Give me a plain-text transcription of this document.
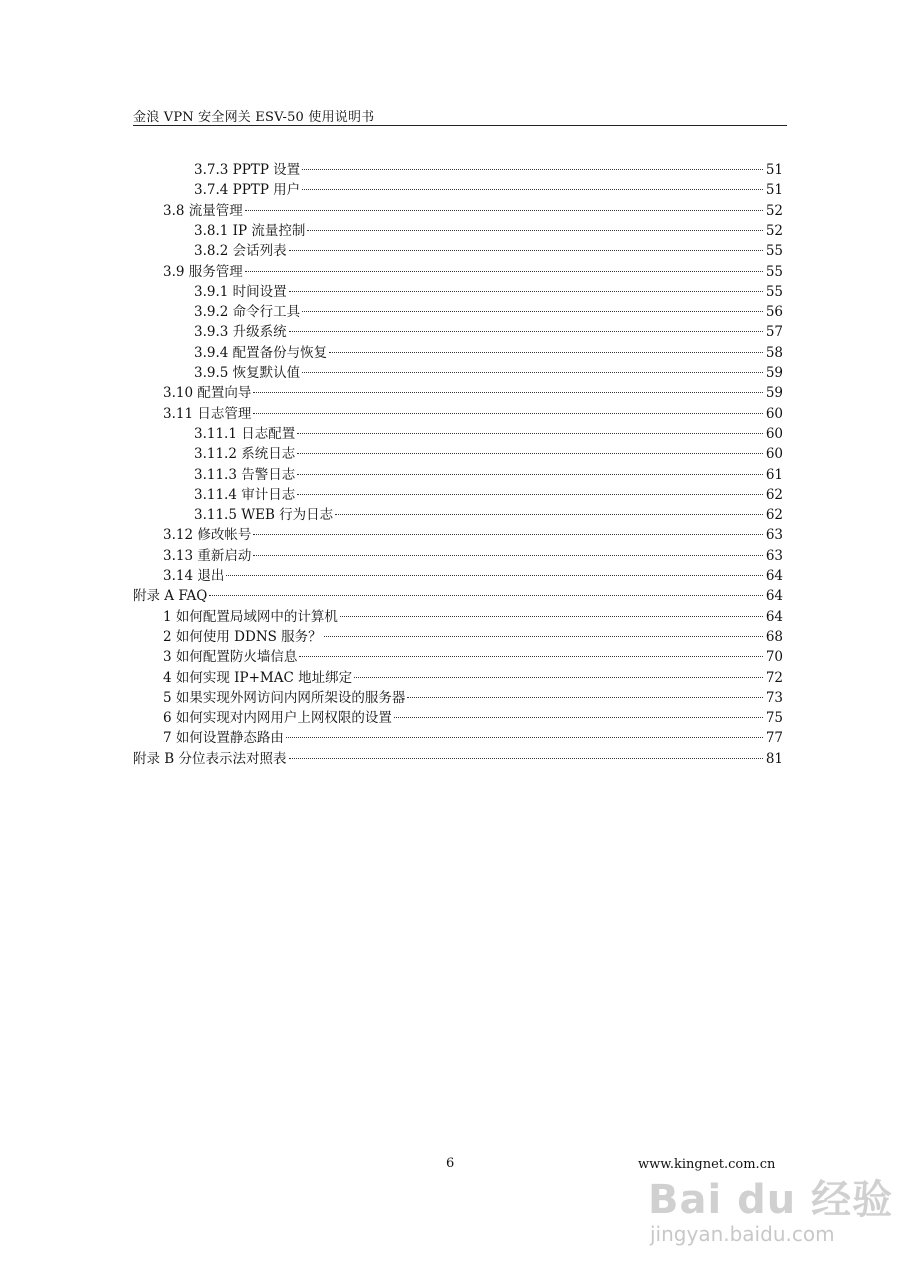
金浪 VPN 安全网关 ESV-50 使用说明书
3.7.3 PPTP 设置	51
3.7.4 PPTP 用户	51
3.8 流量管理	52
3.8.1 IP 流量控制	52
3.8.2 会话列表	55
3.9 服务管理	55
3.9.1 时间设置	55
3.9.2 命令行工具	56
3.9.3 升级系统	57
3.9.4 配置备份与恢复	58
3.9.5 恢复默认值	59
3.10 配置向导	59
3.11 日志管理	60
3.11.1 日志配置	60
3.11.2 系统日志	60
3.11.3 告警日志	61
3.11.4 审计日志	62
3.11.5 WEB 行为日志	62
3.12 修改帐号	63
3.13 重新启动	63
3.14 退出	64
附录 A FAQ	64
1 如何配置局域网中的计算机	64
2 如何使用 DDNS 服务？	68
3 如何配置防火墙信息	70
4 如何实现 IP+MAC 地址绑定	72
5 如果实现外网访问内网所架设的服务器	73
6 如何实现对内网用户上网权限的设置	75
7 如何设置静态路由	77
附录 B 分位表示法对照表	81
6	www.kingnet.com.cn
Bai du 经验
jingyan.baidu.com
